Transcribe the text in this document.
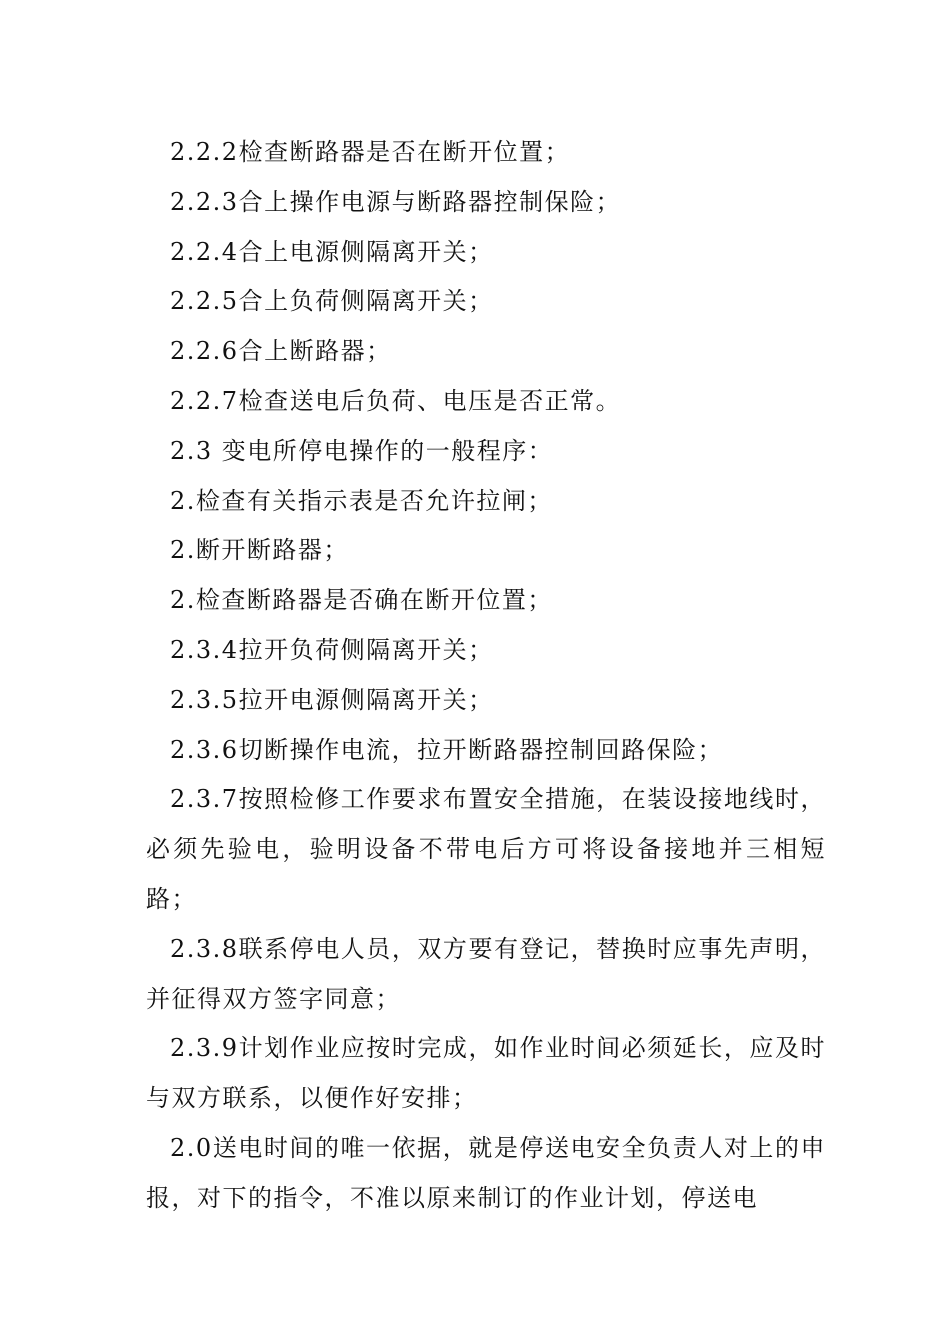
2.2.2检查断路器是否在断开位置；

2.2.3合上操作电源与断路器控制保险；

2.2.4合上电源侧隔离开关；

2.2.5合上负荷侧隔离开关；

2.2.6合上断路器；

2.2.7检查送电后负荷、电压是否正常。

2.3 变电所停电操作的一般程序：

2.检查有关指示表是否允许拉闸；

2.断开断路器；

2.检查断路器是否确在断开位置；

2.3.4拉开负荷侧隔离开关；

2.3.5拉开电源侧隔离开关；

2.3.6切断操作电流，拉开断路器控制回路保险；

2.3.7按照检修工作要求布置安全措施，在装设接地线时，必须先验电，验明设备不带电后方可将设备接地并三相短路；

2.3.8联系停电人员，双方要有登记，替换时应事先声明，并征得双方签字同意；

2.3.9计划作业应按时完成，如作业时间必须延长，应及时与双方联系，以便作好安排；

2.0送电时间的唯一依据，就是停送电安全负责人对上的申报，对下的指令，不准以原来制订的作业计划，停送电
